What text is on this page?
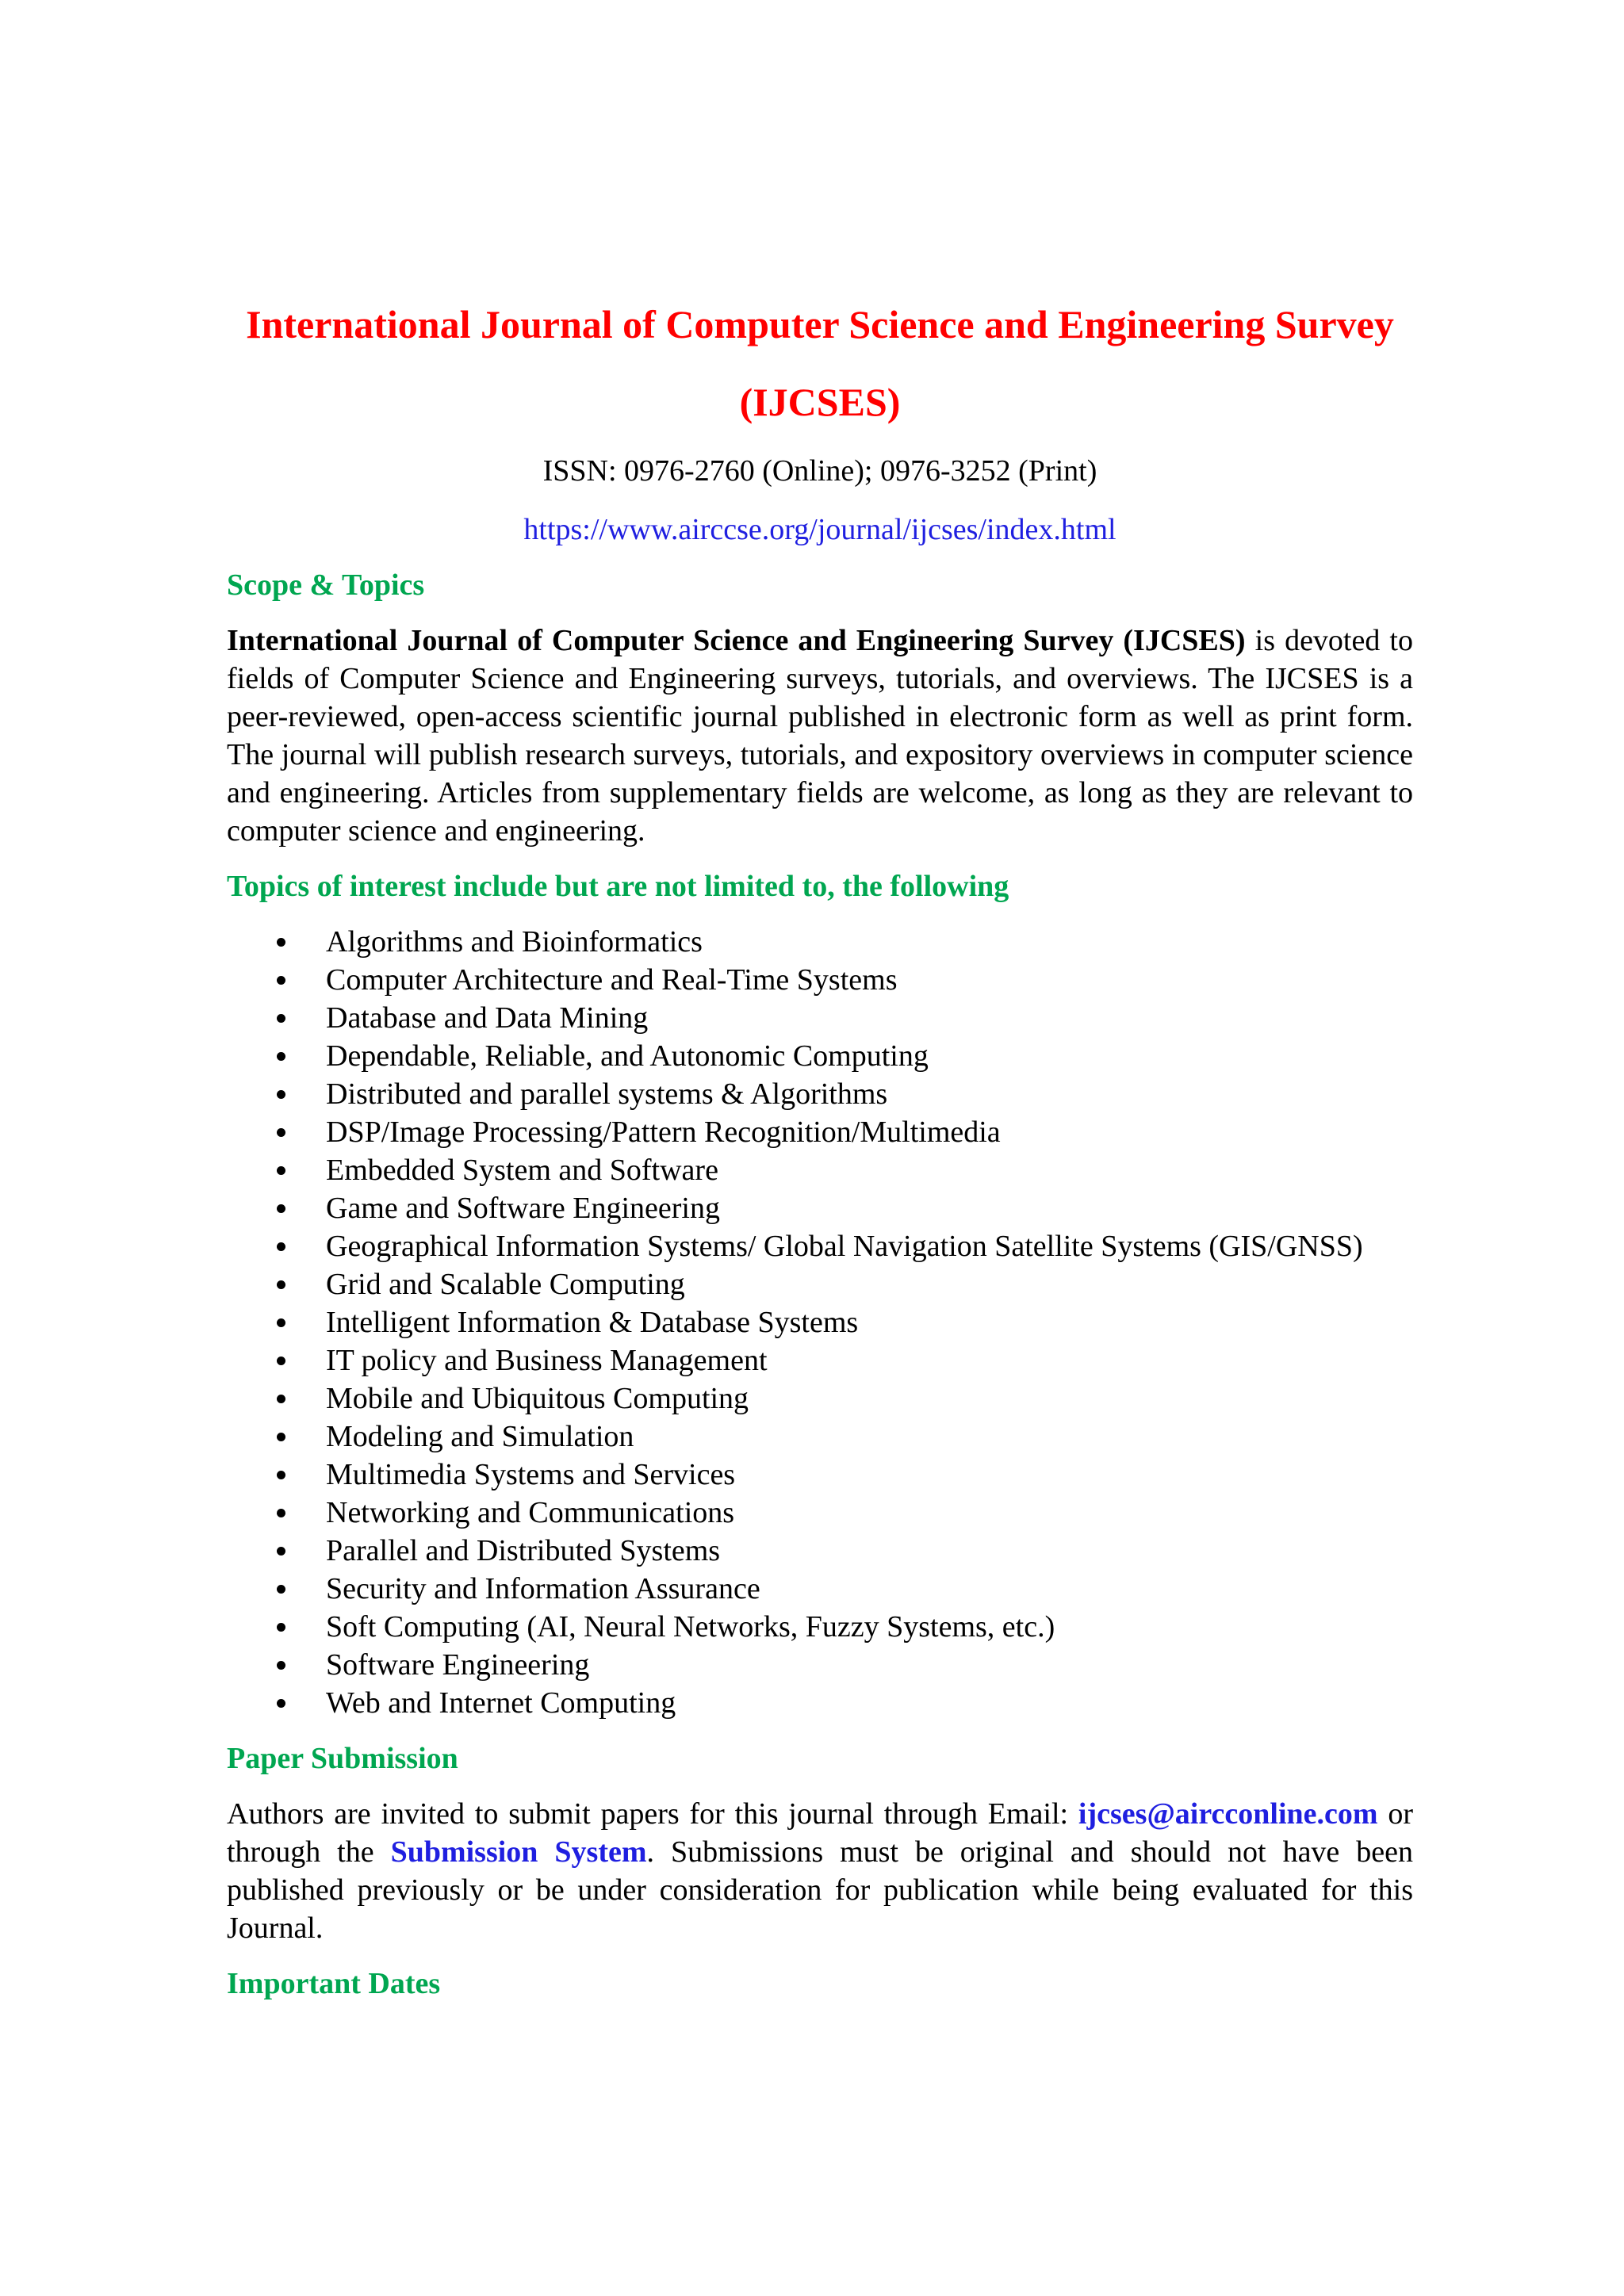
International Journal of Computer Science and Engineering Survey (IJCSES)

ISSN: 0976-2760 (Online); 0976-3252 (Print)

https://www.airccse.org/journal/ijcses/index.html
Scope & Topics

International Journal of Computer Science and Engineering Survey (IJCSES) is devoted to fields of Computer Science and Engineering surveys, tutorials, and overviews. The IJCSES is a peer-reviewed, open-access scientific journal published in electronic form as well as print form. The journal will publish research surveys, tutorials, and expository overviews in computer science and engineering. Articles from supplementary fields are welcome, as long as they are relevant to computer science and engineering.

Topics of interest include but are not limited to, the following
Algorithms and Bioinformatics
Computer Architecture and Real-Time Systems
Database and Data Mining
Dependable, Reliable, and Autonomic Computing
Distributed and parallel systems & Algorithms
DSP/Image Processing/Pattern Recognition/Multimedia
Embedded System and Software
Game and Software Engineering
Geographical Information Systems/ Global Navigation Satellite Systems (GIS/GNSS)
Grid and Scalable Computing
Intelligent Information & Database Systems
IT policy and Business Management
Mobile and Ubiquitous Computing
Modeling and Simulation
Multimedia Systems and Services
Networking and Communications
Parallel and Distributed Systems
Security and Information Assurance
Soft Computing (AI, Neural Networks, Fuzzy Systems, etc.)
Software Engineering
Web and Internet Computing
Paper Submission

Authors are invited to submit papers for this journal through Email: ijcses@aircconline.com or through the Submission System. Submissions must be original and should not have been published previously or be under consideration for publication while being evaluated for this Journal.

Important Dates
